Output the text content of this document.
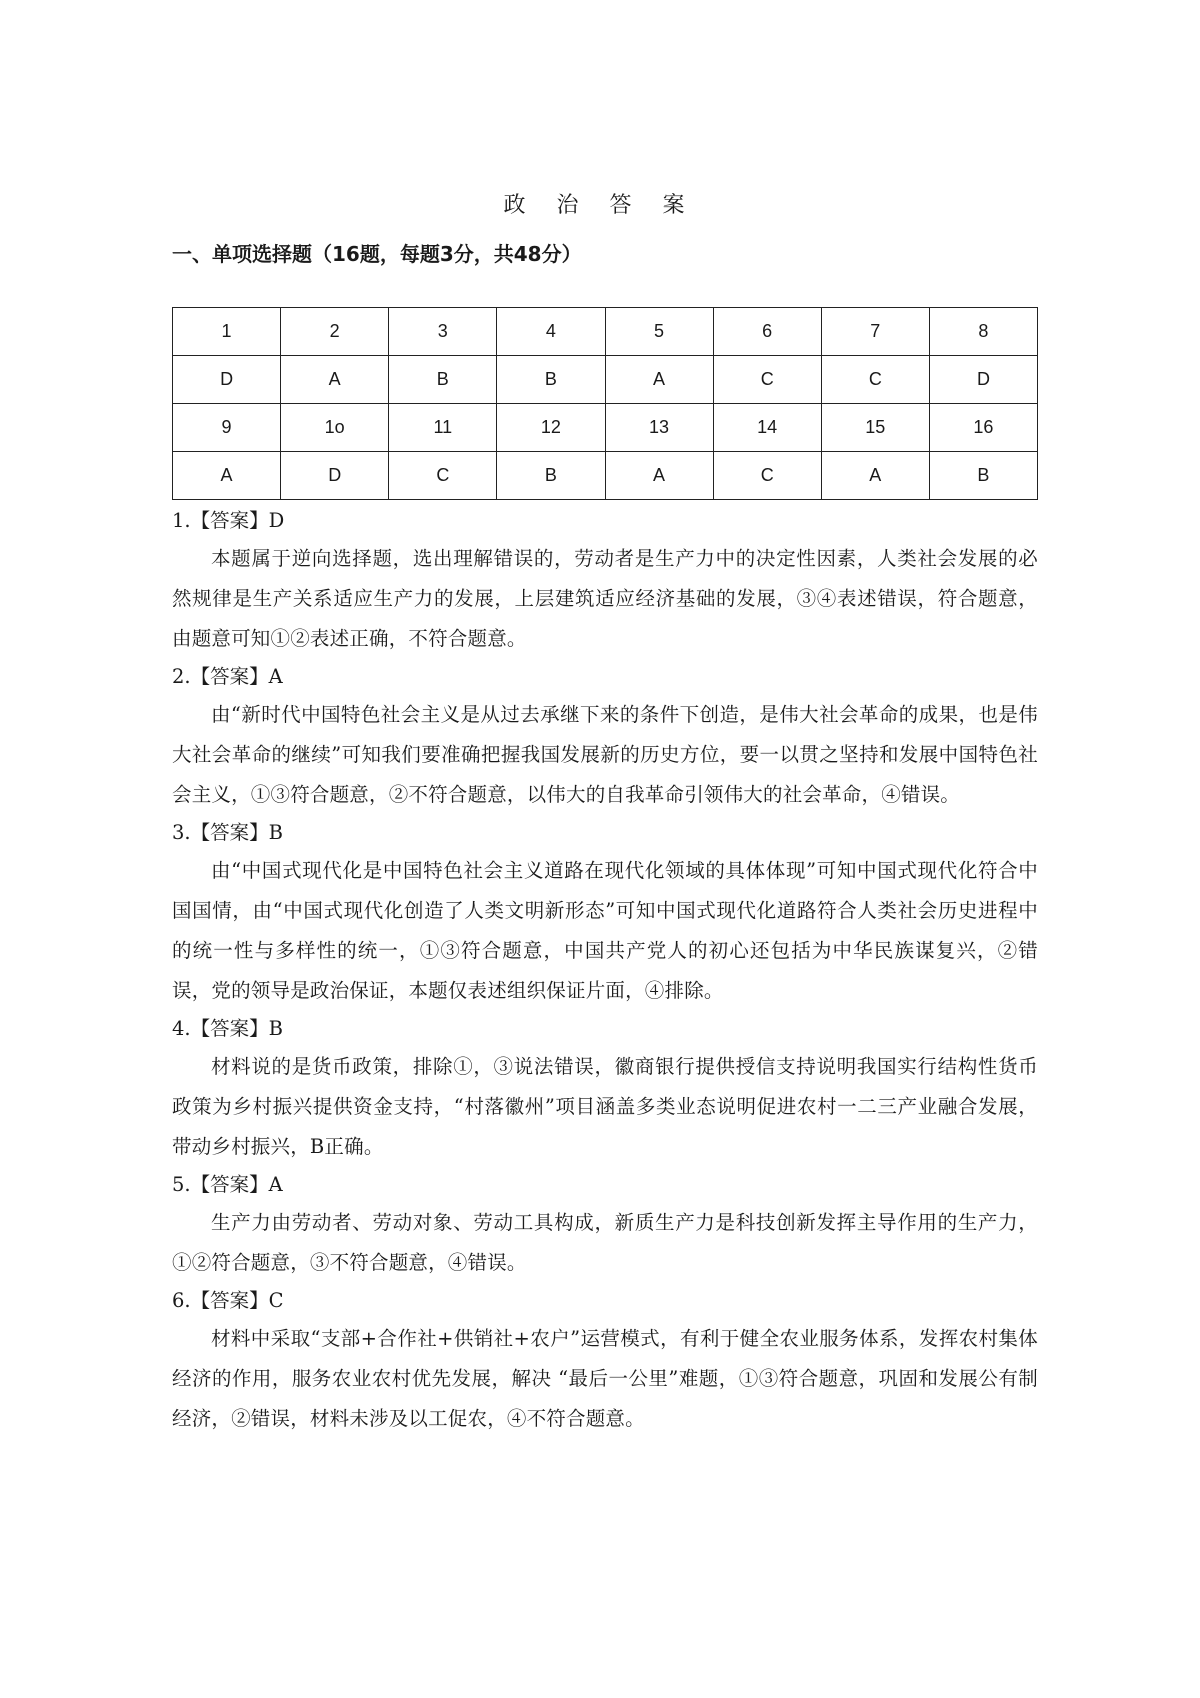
政 治 答 案
一、单项选择题（16题，每题3分，共48分）
1	2	3	4	5	6	7	8
D	A	B	B	A	C	C	D
9	1o	11	12	13	14	15	16
A	D	C	B	A	C	A	B

1.【答案】D

本题属于逆向选择题，选出理解错误的，劳动者是生产力中的决定性因素，人类社会发展的必然规律是生产关系适应生产力的发展，上层建筑适应经济基础的发展，③④表述错误，符合题意，由题意可知①②表述正确，不符合题意。

2.【答案】A

由“新时代中国特色社会主义是从过去承继下来的条件下创造，是伟大社会革命的成果，也是伟大社会革命的继续”可知我们要准确把握我国发展新的历史方位，要一以贯之坚持和发展中国特色社会主义，①③符合题意，②不符合题意，以伟大的自我革命引领伟大的社会革命，④错误。

3.【答案】B

由“中国式现代化是中国特色社会主义道路在现代化领域的具体体现”可知中国式现代化符合中国国情，由“中国式现代化创造了人类文明新形态”可知中国式现代化道路符合人类社会历史进程中的统一性与多样性的统一，①③符合题意，中国共产党人的初心还包括为中华民族谋复兴，②错误，党的领导是政治保证，本题仅表述组织保证片面，④排除。

4.【答案】B

材料说的是货币政策，排除①，③说法错误，徽商银行提供授信支持说明我国实行结构性货币政策为乡村振兴提供资金支持，“村落徽州”项目涵盖多类业态说明促进农村一二三产业融合发展，带动乡村振兴，B正确。

5.【答案】A

生产力由劳动者、劳动对象、劳动工具构成，新质生产力是科技创新发挥主导作用的生产力，①②符合题意，③不符合题意，④错误。

6.【答案】C

材料中采取“支部+合作社+供销社+农户”运营模式，有利于健全农业服务体系，发挥农村集体经济的作用，服务农业农村优先发展，解决 “最后一公里”难题，①③符合题意，巩固和发展公有制经济，②错误，材料未涉及以工促农，④不符合题意。
